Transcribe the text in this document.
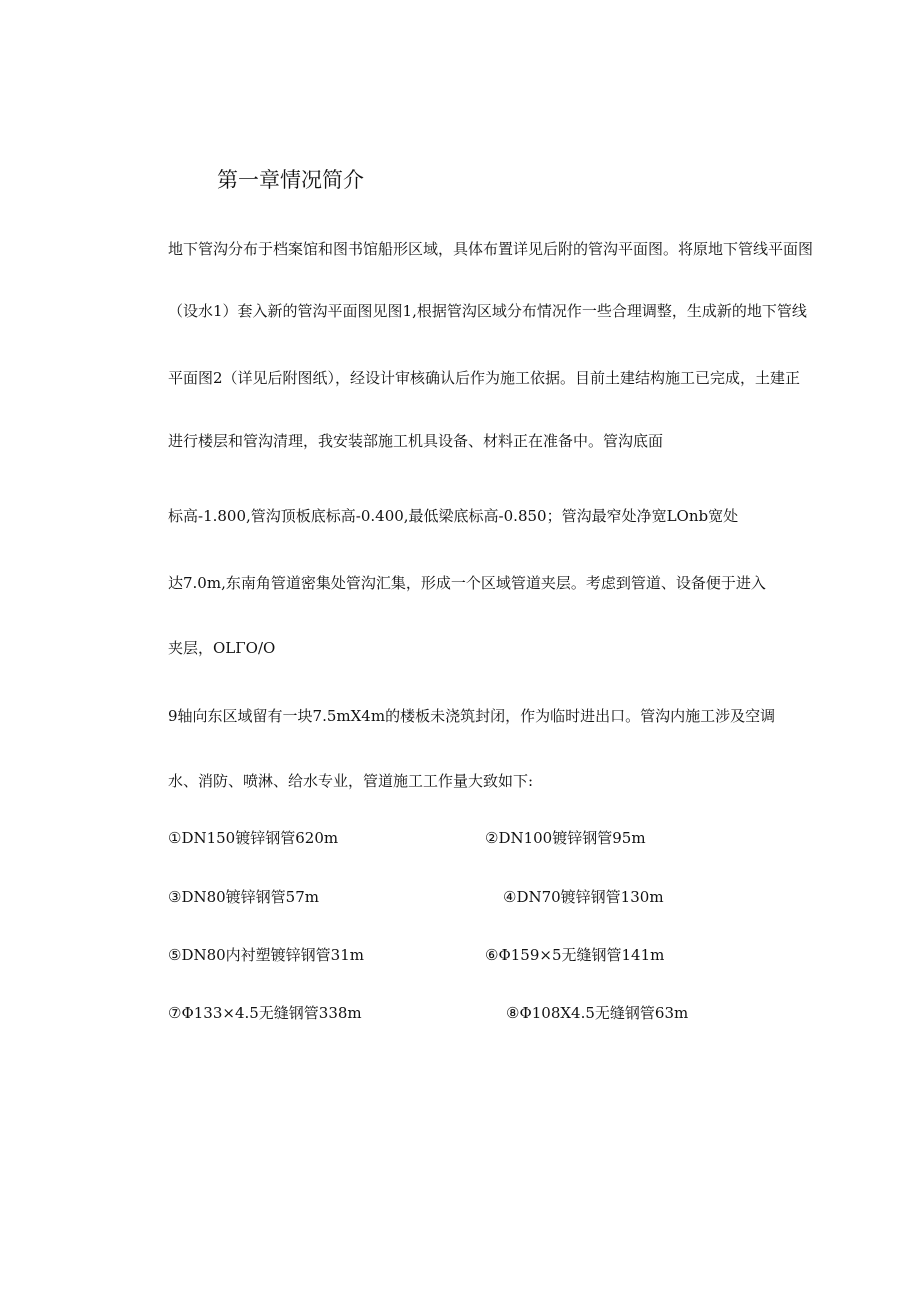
第一章情况简介
地下管沟分布于档案馆和图书馆船形区域，具体布置详见后附的管沟平面图。将原地下管线平面图
（设水1）套入新的管沟平面图见图1,根据管沟区域分布情况作一些合理调整，生成新的地下管线
平面图2（详见后附图纸），经设计审核确认后作为施工依据。目前土建结构施工已完成，土建正
进行楼层和管沟清理，我安装部施工机具设备、材料正在准备中。管沟底面
标高-1.800,管沟顶板底标高-0.400,最低梁底标高-0.850；管沟最窄处净宽LOnb宽处
达7.0m,东南角管道密集处管沟汇集，形成一个区域管道夹层。考虑到管道、设备便于进入
夹层，OLΓO/O
9轴向东区域留有一块7.5mX4m的楼板未浇筑封闭，作为临时进出口。管沟内施工涉及空调
水、消防、喷淋、给水专业，管道施工工作量大致如下:
①DN150镀锌钢管620m	②DN100镀锌钢管95m
③DN80镀锌钢管57m	④DN70镀锌钢管130m
⑤DN80内衬塑镀锌钢管31m	⑥Φ159×5无缝钢管141m
⑦Φ133×4.5无缝钢管338m	⑧Φ108X4.5无缝钢管63m
